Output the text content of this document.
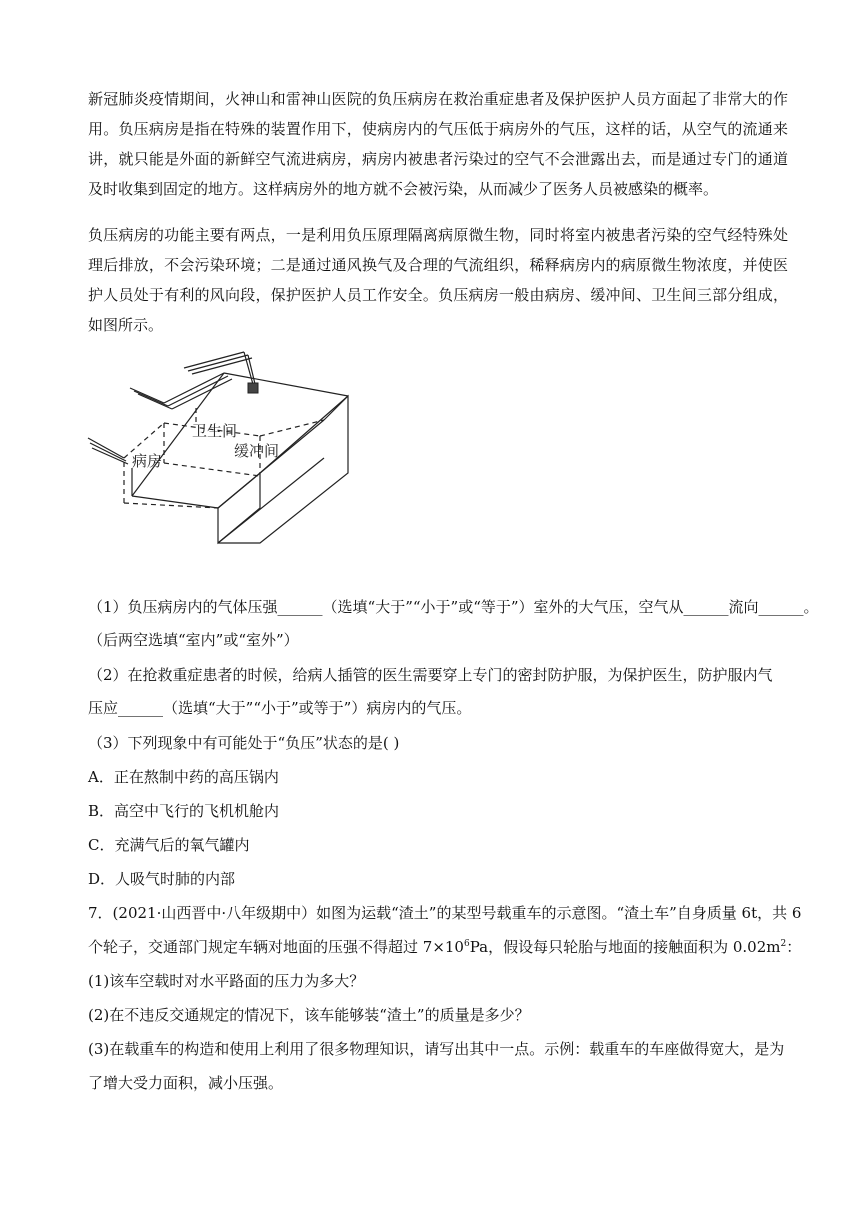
新冠肺炎疫情期间，火神山和雷神山医院的负压病房在救治重症患者及保护医护人员方面起了非常大的作用。负压病房是指在特殊的装置作用下，使病房内的气压低于病房外的气压，这样的话，从空气的流通来讲，就只能是外面的新鲜空气流进病房，病房内被患者污染过的空气不会泄露出去，而是通过专门的通道及时收集到固定的地方。这样病房外的地方就不会被污染，从而减少了医务人员被感染的概率。

负压病房的功能主要有两点，一是利用负压原理隔离病原微生物，同时将室内被患者污染的空气经特殊处理后排放，不会污染环境；二是通过通风换气及合理的气流组织，稀释病房内的病原微生物浓度，并使医护人员处于有利的风向段，保护医护人员工作安全。负压病房一般由病房、缓冲间、卫生间三部分组成，如图所示。

卫生间
缓冲间
病房
（1）负压病房内的气体压强______（选填“大于”“小于”或“等于”）室外的大气压，空气从______流向______。
（后两空选填“室内”或“室外”）
（2）在抢救重症患者的时候，给病人插管的医生需要穿上专门的密封防护服，为保护医生，防护服内气
压应______（选填“大于”“小于”或等于”）病房内的气压。
（3）下列现象中有可能处于“负压”状态的是( )
A．正在熬制中药的高压锅内
B．高空中飞行的飞机机舱内
C．充满气后的氧气罐内
D．人吸气时肺的内部
7．(2021·山西晋中·八年级期中）如图为运载“渣土”的某型号载重车的示意图。“渣土车”自身质量 6t，共 6
个轮子，交通部门规定车辆对地面的压强不得超过 $7\times 10^6Pa$，假设每只轮胎与地面的接触面积为 $0.02m^2$：
(1)该车空载时对水平路面的压力为多大？
(2)在不违反交通规定的情况下，该车能够装“渣土”的质量是多少？
(3)在载重车的构造和使用上利用了很多物理知识，请写出其中一点。示例：载重车的车座做得宽大，是为
了增大受力面积，减小压强。
